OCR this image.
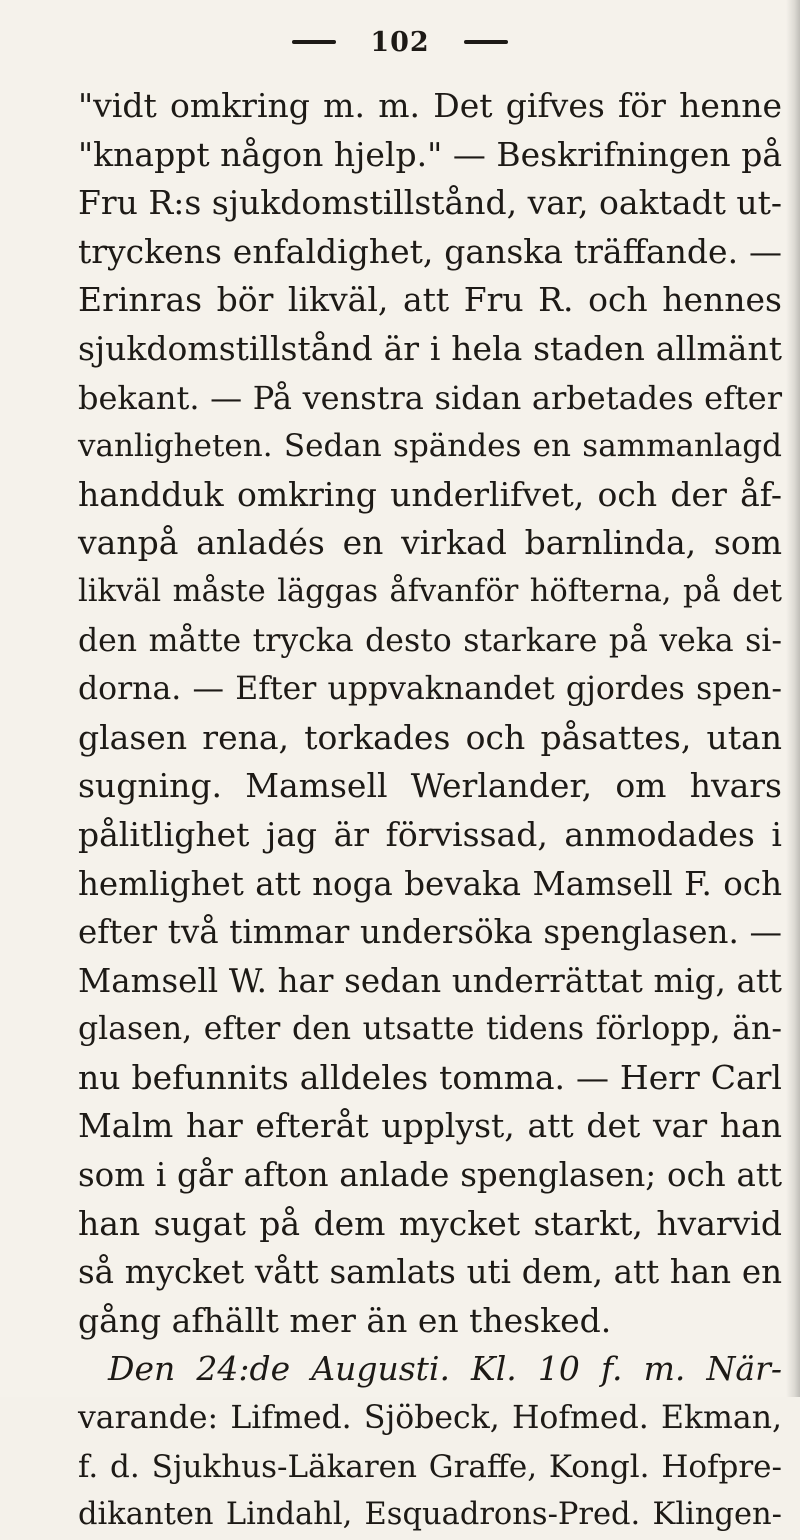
102
"vidt omkring m. m. Det gifves för henne
"knappt någon hjelp." — Beskrifningen på
Fru R:s sjukdomstillstånd, var, oaktadt ut-
tryckens enfaldighet, ganska träffande. —
Erinras bör likväl, att Fru R. och hennes
sjukdomstillstånd är i hela staden allmänt
bekant. — På venstra sidan arbetades efter
vanligheten. Sedan spändes en sammanlagd
handduk omkring underlifvet, och der åf-
vanpå anladés en virkad barnlinda, som
likväl måste läggas åfvanför höfterna, på det
den måtte trycka desto starkare på veka si-
dorna. — Efter uppvaknandet gjordes spen-
glasen rena, torkades och påsattes, utan
sugning. Mamsell Werlander, om hvars
pålitlighet jag är förvissad, anmodades i
hemlighet att noga bevaka Mamsell F. och
efter två timmar undersöka spenglasen. —
Mamsell W. har sedan underrättat mig, att
glasen, efter den utsatte tidens förlopp, än-
nu befunnits alldeles tomma. — Herr Carl
Malm har efteråt upplyst, att det var han
som i går afton anlade spenglasen; och att
han sugat på dem mycket starkt, hvarvid
så mycket vått samlats uti dem, att han en
gång afhällt mer än en thesked.
Den 24:de Augusti. Kl. 10 f. m. När-
varande: Lifmed. Sjöbeck, Hofmed. Ekman,
f. d. Sjukhus-Läkaren Graffe, Kongl. Hofpre-
dikanten Lindahl, Esquadrons-Pred. Klingen-
